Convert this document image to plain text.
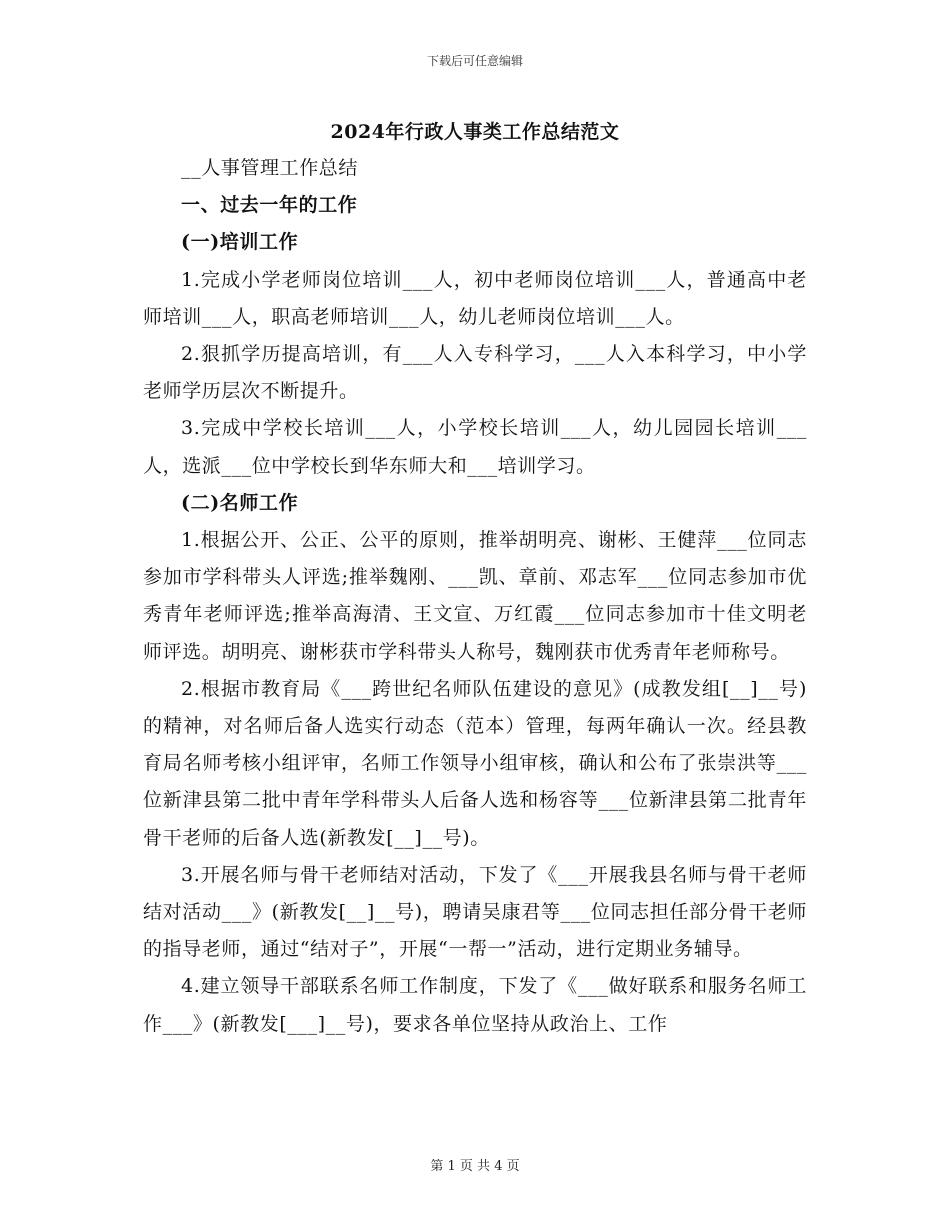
下载后可任意编辑
2024年行政人事类工作总结范文

__人事管理工作总结

一、过去一年的工作

(一)培训工作

1.完成小学老师岗位培训___人，初中老师岗位培训___人，普通高中老师培训___人，职高老师培训___人，幼儿老师岗位培训___人。

2.狠抓学历提高培训，有___人入专科学习，___人入本科学习，中小学老师学历层次不断提升。

3.完成中学校长培训___人，小学校长培训___人，幼儿园园长培训___人，选派___位中学校长到华东师大和___培训学习。

(二)名师工作

1.根据公开、公正、公平的原则，推举胡明亮、谢彬、王健萍___位同志参加市学科带头人评选;推举魏刚、___凯、章前、邓志军___位同志参加市优秀青年老师评选;推举高海清、王文宣、万红霞___位同志参加市十佳文明老师评选。胡明亮、谢彬获市学科带头人称号，魏刚获市优秀青年老师称号。

2.根据市教育局《___跨世纪名师队伍建设的意见》(成教发组[__]__号)的精神，对名师后备人选实行动态（范本）管理，每两年确认一次。经县教育局名师考核小组评审，名师工作领导小组审核，确认和公布了张崇洪等___位新津县第二批中青年学科带头人后备人选和杨容等___位新津县第二批青年骨干老师的后备人选(新教发[__]__号)。

3.开展名师与骨干老师结对活动，下发了《___开展我县名师与骨干老师结对活动___》(新教发[__]__号)，聘请吴康君等___位同志担任部分骨干老师的指导老师，通过“结对子”，开展“一帮一”活动，进行定期业务辅导。

4.建立领导干部联系名师工作制度，下发了《___做好联系和服务名师工作___》(新教发[___]__号)，要求各单位坚持从政治上、工作

第 1 页 共 4 页
